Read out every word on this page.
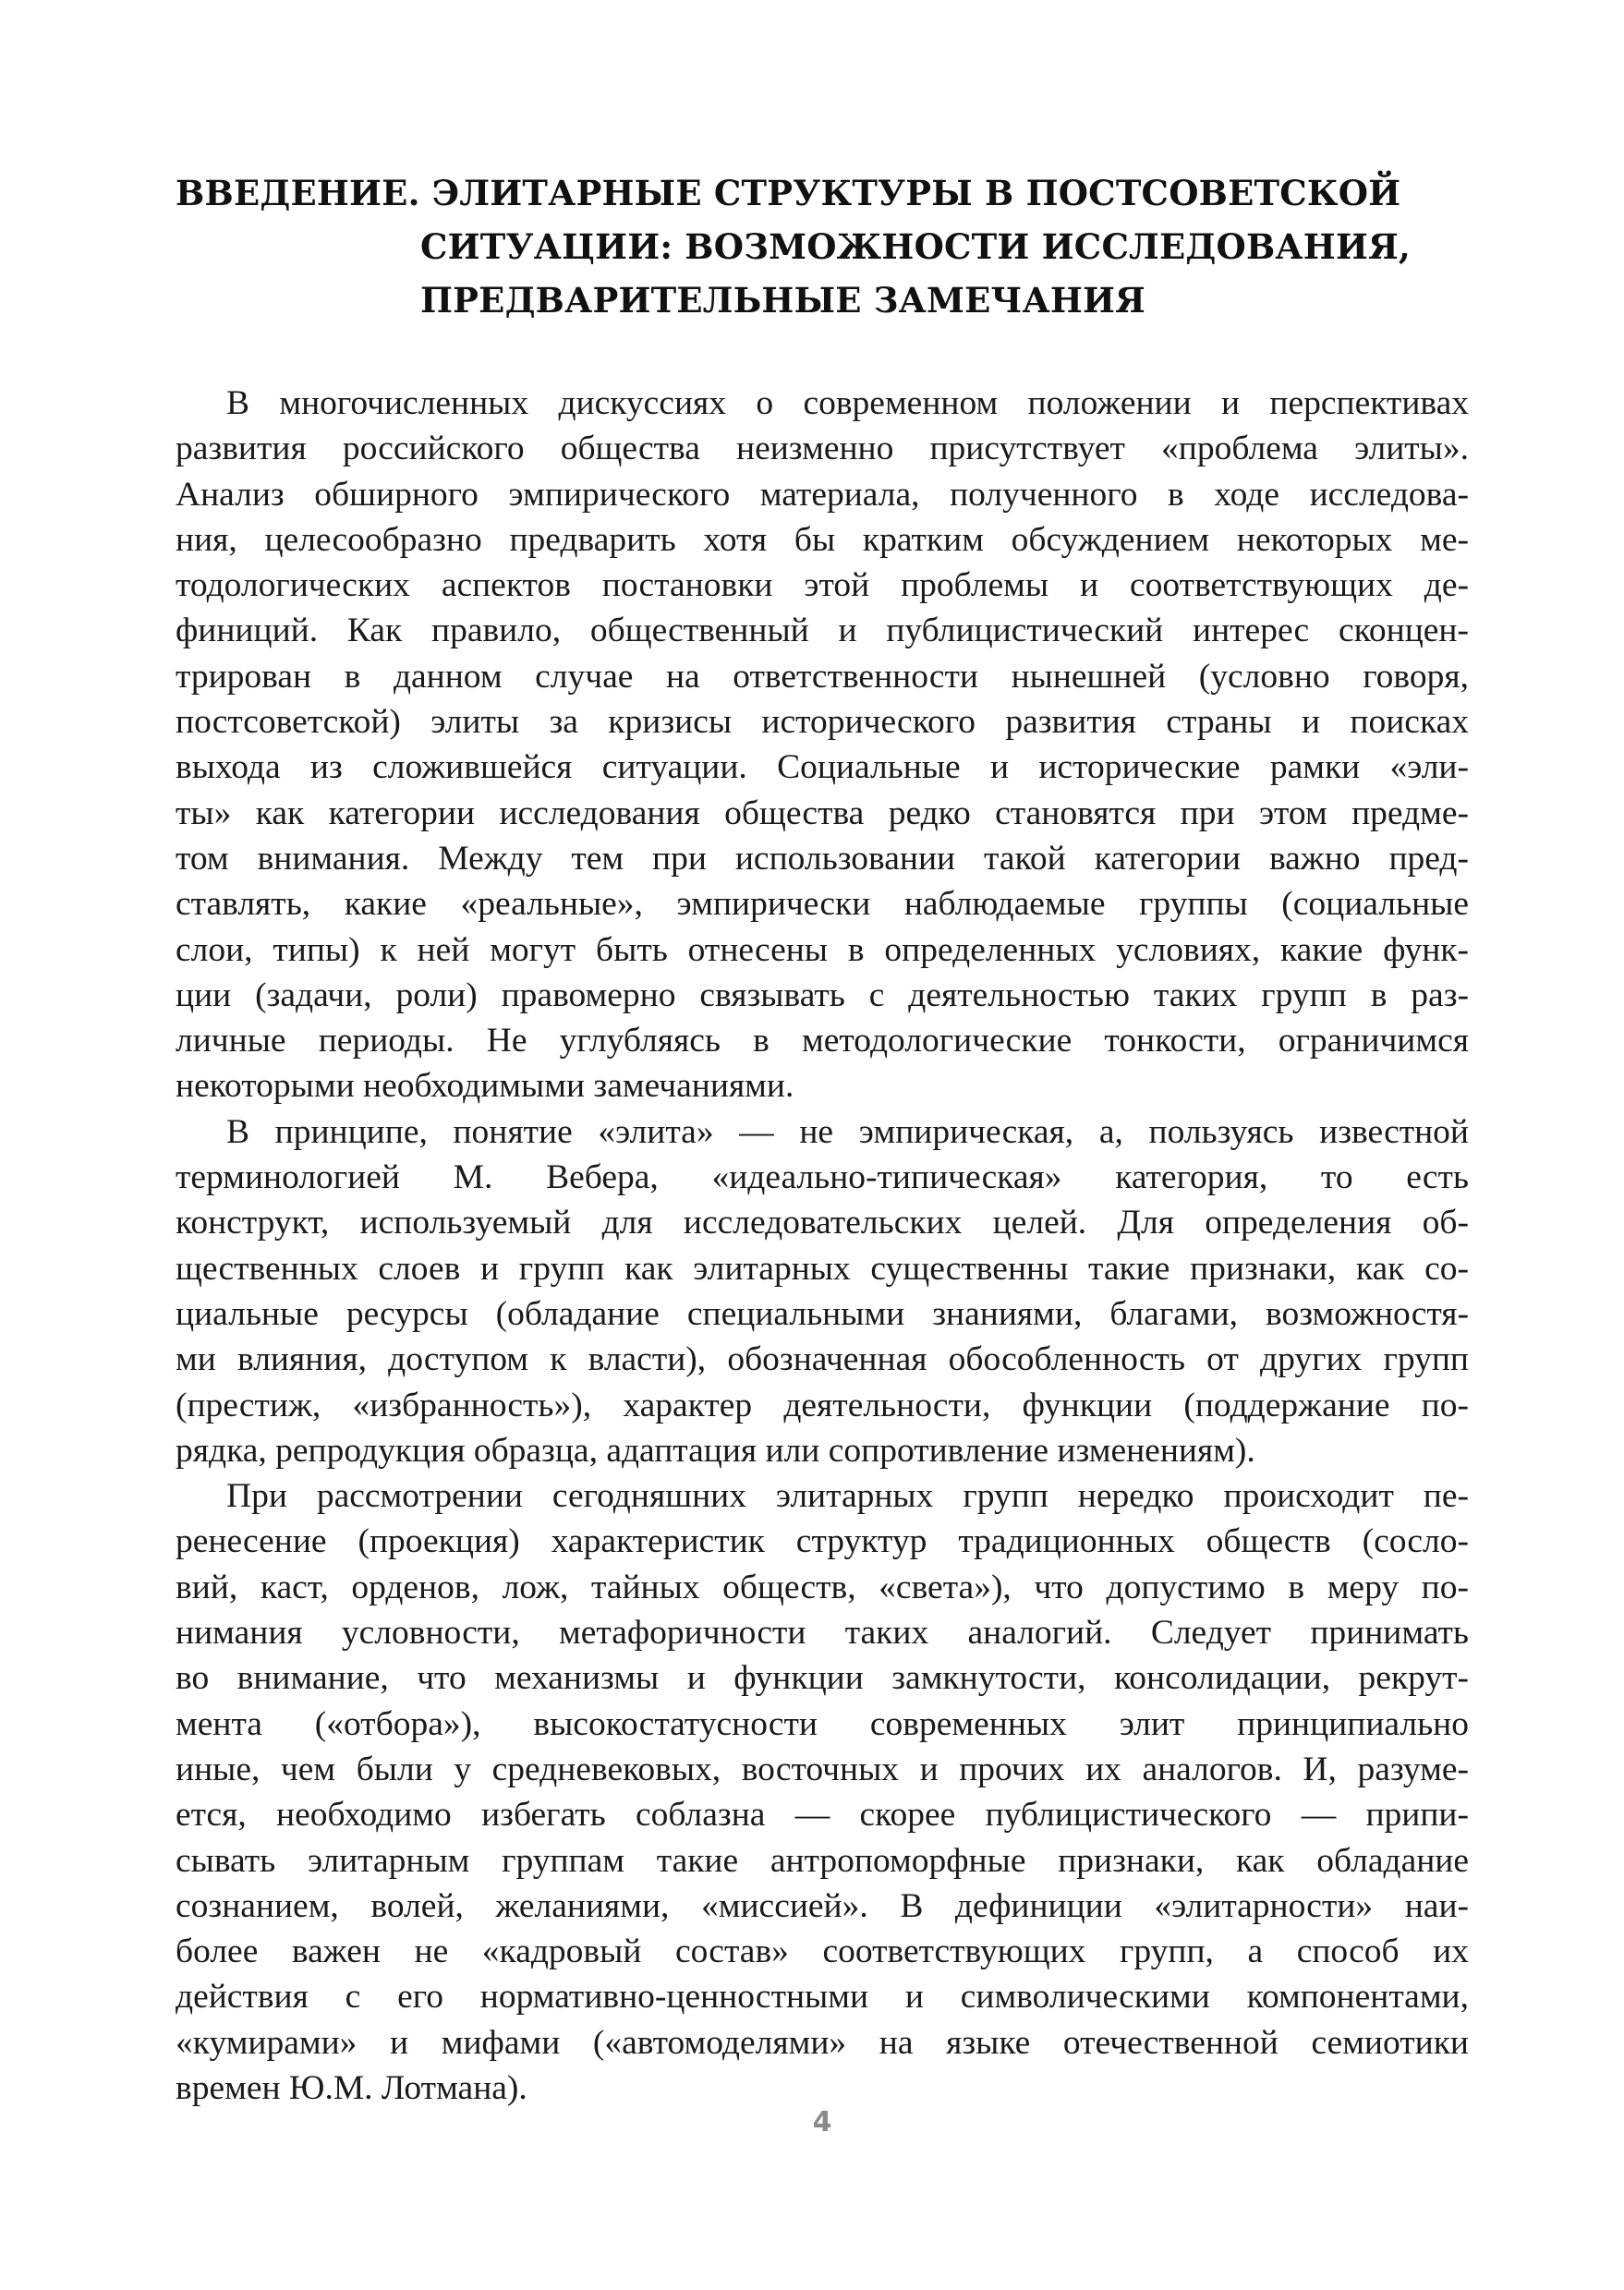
ВВЕДЕНИЕ. ЭЛИТАРНЫЕ СТРУКТУРЫ В ПОСТСОВЕТСКОЙ
СИТУАЦИИ: ВОЗМОЖНОСТИ ИССЛЕДОВАНИЯ,
ПРЕДВАРИТЕЛЬНЫЕ ЗАМЕЧАНИЯ

В многочисленных дискуссиях о современном положении и перспективах
развития российского общества неизменно присутствует «проблема элиты».
Анализ обширного эмпирического материала, полученного в ходе исследова-
ния, целесообразно предварить хотя бы кратким обсуждением некоторых ме-
тодологических аспектов постановки этой проблемы и соответствующих де-
финиций. Как правило, общественный и публицистический интерес сконцен-
трирован в данном случае на ответственности нынешней (условно говоря,
постсоветской) элиты за кризисы исторического развития страны и поисках
выхода из сложившейся ситуации. Социальные и исторические рамки «эли-
ты» как категории исследования общества редко становятся при этом предме-
том внимания. Между тем при использовании такой категории важно пред-
ставлять, какие «реальные», эмпирически наблюдаемые группы (социальные
слои, типы) к ней могут быть отнесены в определенных условиях, какие функ-
ции (задачи, роли) правомерно связывать с деятельностью таких групп в раз-
личные периоды. Не углубляясь в методологические тонкости, ограничимся
некоторыми необходимыми замечаниями.

В принципе, понятие «элита» — не эмпирическая, а, пользуясь известной
терминологией М. Вебера, «идеально-типическая» категория, то есть
конструкт, используемый для исследовательских целей. Для определения об-
щественных слоев и групп как элитарных существенны такие признаки, как со-
циальные ресурсы (обладание специальными знаниями, благами, возможностя-
ми влияния, доступом к власти), обозначенная обособленность от других групп
(престиж, «избранность»), характер деятельности, функции (поддержание по-
рядка, репродукция образца, адаптация или сопротивление изменениям).

При рассмотрении сегодняшних элитарных групп нередко происходит пе-
ренесение (проекция) характеристик структур традиционных обществ (сосло-
вий, каст, орденов, лож, тайных обществ, «света»), что допустимо в меру по-
нимания условности, метафоричности таких аналогий. Следует принимать
во внимание, что механизмы и функции замкнутости, консолидации, рекрут-
мента («отбора»), высокостатусности современных элит принципиально
иные, чем были у средневековых, восточных и прочих их аналогов. И, разуме-
ется, необходимо избегать соблазна — скорее публицистического — припи-
сывать элитарным группам такие антропоморфные признаки, как обладание
сознанием, волей, желаниями, «миссией». В дефиниции «элитарности» наи-
более важен не «кадровый состав» соответствующих групп, а способ их
действия с его нормативно-ценностными и символическими компонентами,
«кумирами» и мифами («автомоделями» на языке отечественной семиотики
времен Ю.М. Лотмана).

4
